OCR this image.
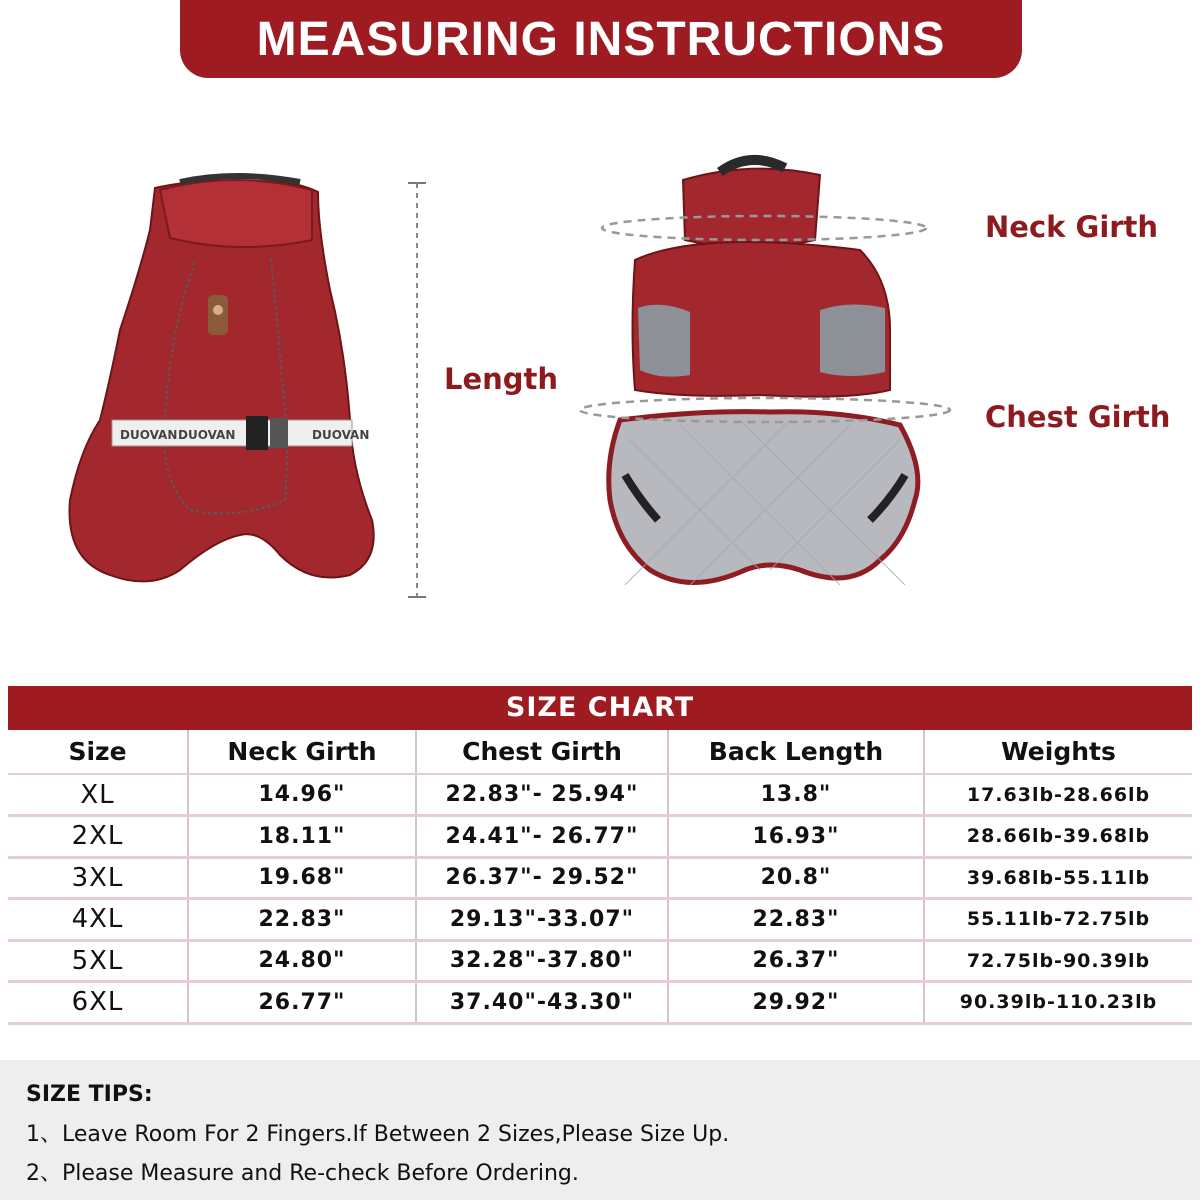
MEASURING INSTRUCTIONS
DUOVAN DUOVAN	DUOVAN
Length
Neck Girth
Chest Girth
SIZE CHART
Size	Neck Girth	Chest Girth	Back Length	Weights
XL	14.96"	22.83"- 25.94"	13.8"	17.63lb-28.66lb
2XL	18.11"	24.41"- 26.77"	16.93"	28.66lb-39.68lb
3XL	19.68"	26.37"- 29.52"	20.8"	39.68lb-55.11lb
4XL	22.83"	29.13"-33.07"	22.83"	55.11lb-72.75lb
5XL	24.80"	32.28"-37.80"	26.37"	72.75lb-90.39lb
6XL	26.77"	37.40"-43.30"	29.92"	90.39lb-110.23lb
SIZE TIPS:
1、Leave Room For 2 Fingers.If Between 2 Sizes,Please Size Up.
2、Please Measure and Re-check Before Ordering.
